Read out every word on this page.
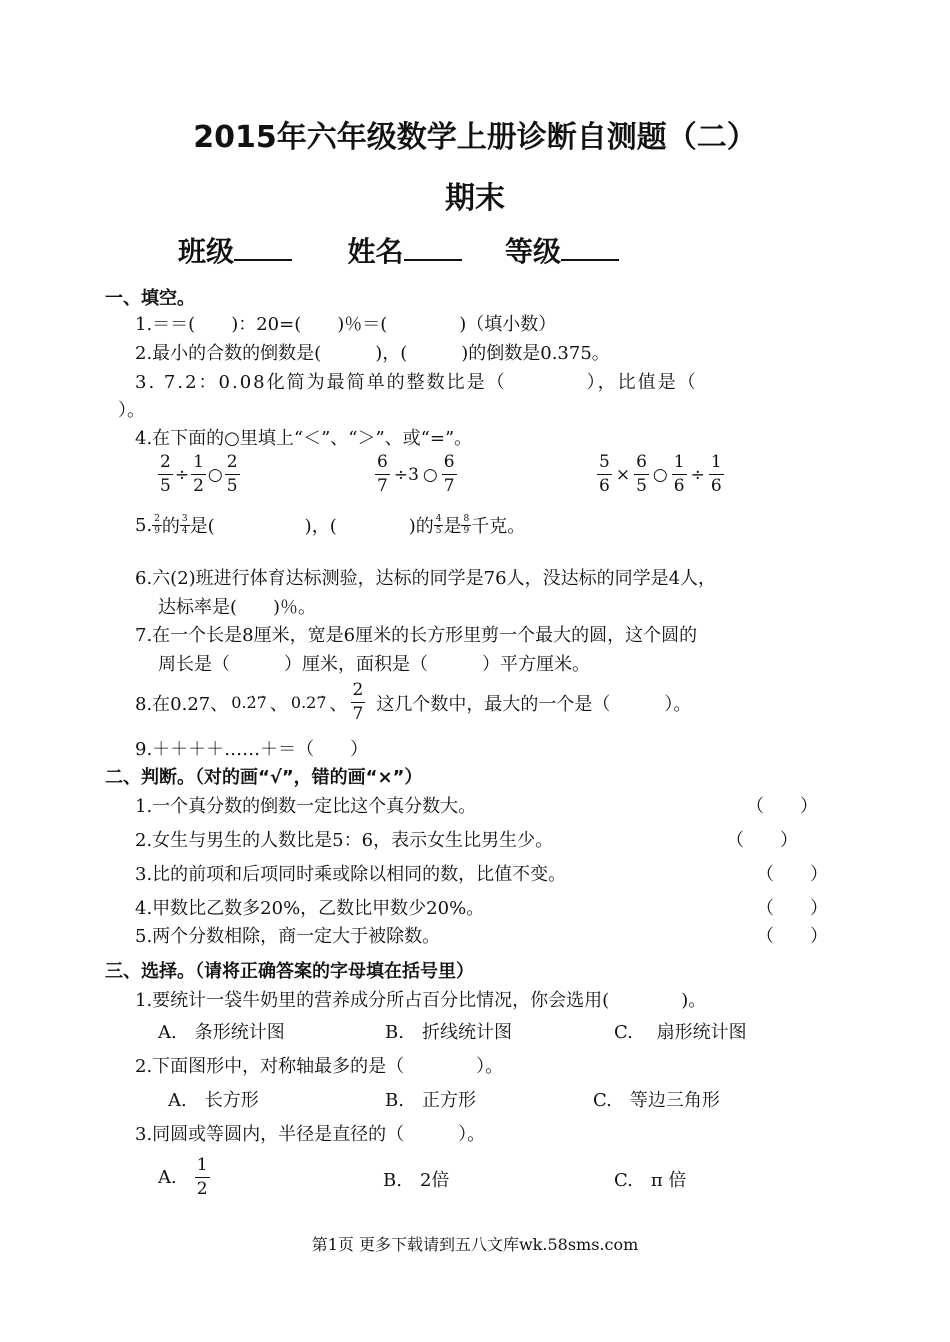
2015年六年级数学上册诊断自测题（二）
期末
班级	姓名	等级
一、填空。
1.＝＝(　　)：20=(　　)％＝(　　　　)（填小数）
2.最小的合数的倒数是(　　　)，(　　　)的倒数是0.375。
3. 7.2：0.08化简为最简单的整数比是（　　　　），比值是（
）。
4.在下面的○里填上“＜”、“＞”、或“=”。
$\frac{2}{5} \div \frac{1}{2}$ ○ $\frac{2}{5}$	$\frac{6}{7} \div 3$ ○ $\frac{6}{7}$	$\frac{5}{6} \times \frac{6}{5}$ ○ $\frac{1}{6} \div \frac{1}{6}$
5. $\frac{2}{9}$ 的 $\frac{3}{4}$ 是(　　　　　)，(　　　　)的 $\frac{4}{5}$ 是 $\frac{8}{9}$ 千克。
6.六(2)班进行体育达标测验，达标的同学是76人，没达标的同学是4人，
达标率是(　　)％。
7.在一个长是8厘米，宽是6厘米的长方形里剪一个最大的圆，这个圆的
周长是（　　　）厘米，面积是（　　　）平方厘米。
8.在0.27、 0.2̇7̇ 、 0.27̇ 、 $\frac{2}{7}$ 这几个数中，最大的一个是（　　　）。
9.＋＋＋＋……＋＝（　　）
二、判断。（对的画“√”，错的画“×”）
1.一个真分数的倒数一定比这个真分数大。	（　　）
2.女生与男生的人数比是5：6，表示女生比男生少。	（　　）
3.比的前项和后项同时乘或除以相同的数，比值不变。	（　　）
4.甲数比乙数多20%，乙数比甲数少20%。	（　　）
5.两个分数相除，商一定大于被除数。	（　　）
三、选择。（请将正确答案的字母填在括号里）
1.要统计一袋牛奶里的营养成分所占百分比情况，你会选用(　　　　)。
A.　条形统计图	B.　折线统计图	C.　 扇形统计图
2.下面图形中，对称轴最多的是（　　　　）。
A.　长方形	B.　正方形	C.　等边三角形
3.同圆或等圆内，半径是直径的（　　　）。
A. $\frac{1}{2}$	B.　2倍	C.　π 倍
第1页 更多下载请到五八文库wk.58sms.com
